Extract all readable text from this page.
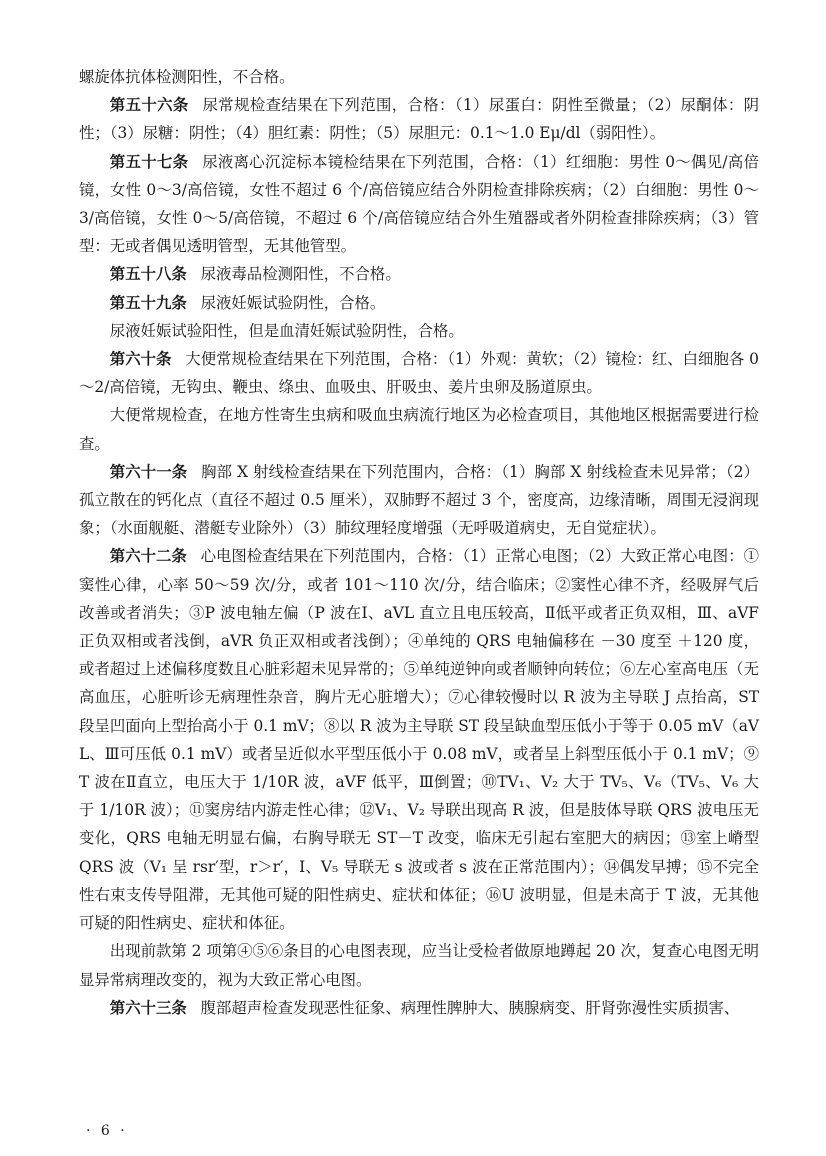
螺旋体抗体检测阳性，不合格。

第五十六条 尿常规检查结果在下列范围，合格：（1）尿蛋白：阴性至微量；（2）尿酮体：阴性；（3）尿糖：阴性；（4）胆红素：阴性；（5）尿胆元：0.1～1.0 Eμ/dl（弱阳性）。

第五十七条 尿液离心沉淀标本镜检结果在下列范围，合格：（1）红细胞：男性 0～偶见/高倍镜，女性 0～3/高倍镜，女性不超过 6 个/高倍镜应结合外阴检查排除疾病；（2）白细胞：男性 0～3/高倍镜，女性 0～5/高倍镜，不超过 6 个/高倍镜应结合外生殖器或者外阴检查排除疾病；（3）管型：无或者偶见透明管型，无其他管型。

第五十八条 尿液毒品检测阳性，不合格。

第五十九条 尿液妊娠试验阴性，合格。

尿液妊娠试验阳性，但是血清妊娠试验阴性，合格。

第六十条 大便常规检查结果在下列范围，合格：（1）外观：黄软；（2）镜检：红、白细胞各 0～2/高倍镜，无钩虫、鞭虫、绦虫、血吸虫、肝吸虫、姜片虫卵及肠道原虫。

大便常规检查，在地方性寄生虫病和吸血虫病流行地区为必检查项目，其他地区根据需要进行检查。

第六十一条 胸部 X 射线检查结果在下列范围内，合格：（1）胸部 X 射线检查未见异常；（2）孤立散在的钙化点（直径不超过 0.5 厘米），双肺野不超过 3 个，密度高，边缘清晰，周围无浸润现象；（水面舰艇、潜艇专业除外）（3）肺纹理轻度增强（无呼吸道病史，无自觉症状）。

第六十二条 心电图检查结果在下列范围内，合格：（1）正常心电图；（2）大致正常心电图：①窦性心律，心率 50～59 次/分，或者 101～110 次/分，结合临床；②窦性心律不齐，经吸屏气后改善或者消失；③P 波电轴左偏（P 波在Ⅰ、aVL 直立且电压较高，Ⅱ低平或者正负双相，Ⅲ、aVF 正负双相或者浅倒，aVR 负正双相或者浅倒）；④单纯的 QRS 电轴偏移在 －30 度至 ＋120 度，或者超过上述偏移度数且心脏彩超未见异常的；⑤单纯逆钟向或者顺钟向转位；⑥左心室高电压（无高血压，心脏听诊无病理性杂音，胸片无心脏增大）；⑦心律较慢时以 R 波为主导联 J 点抬高，ST 段呈凹面向上型抬高小于 0.1 mV；⑧以 R 波为主导联 ST 段呈缺血型压低小于等于 0.05 mV（aVL、Ⅲ可压低 0.1 mV）或者呈近似水平型压低小于 0.08 mV，或者呈上斜型压低小于 0.1 mV；⑨T 波在Ⅱ直立，电压大于 1/10R 波，aVF 低平，Ⅲ倒置；⑩TV₁、V₂ 大于 TV₅、V₆（TV₅、V₆ 大于 1/10R 波）；⑪窦房结内游走性心律；⑫V₁、V₂ 导联出现高 R 波，但是肢体导联 QRS 波电压无变化，QRS 电轴无明显右偏，右胸导联无 ST－T 改变，临床无引起右室肥大的病因；⑬室上嵴型 QRS 波（V₁ 呈 rsr′型，r＞r′，Ⅰ、V₅ 导联无 s 波或者 s 波在正常范围内）；⑭偶发早搏；⑮不完全性右束支传导阻滞，无其他可疑的阳性病史、症状和体征；⑯U 波明显，但是未高于 T 波，无其他可疑的阳性病史、症状和体征。

出现前款第 2 项第④⑤⑥条目的心电图表现，应当让受检者做原地蹲起 20 次，复查心电图无明显异常病理改变的，视为大致正常心电图。

第六十三条 腹部超声检查发现恶性征象、病理性脾肿大、胰腺病变、肝肾弥漫性实质损害、

· 6 ·
